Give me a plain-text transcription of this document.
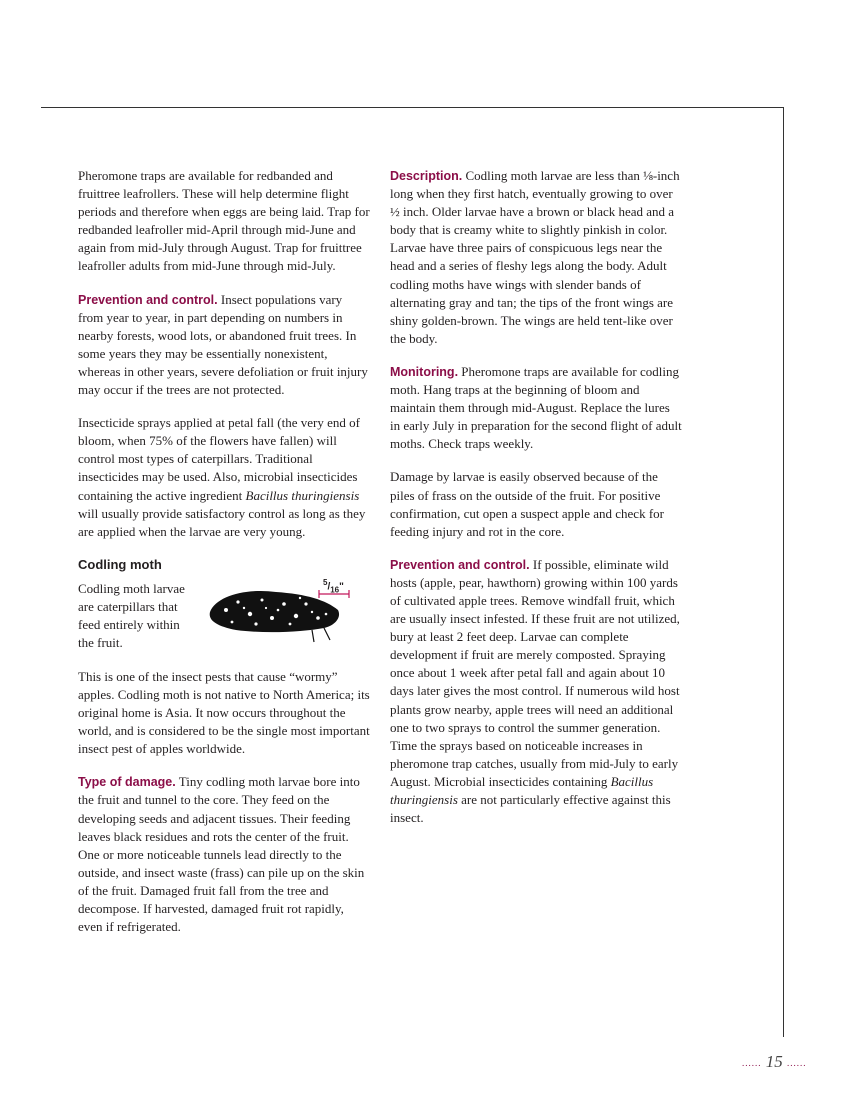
Pheromone traps are available for redbanded and fruittree leafrollers. These will help determine flight periods and therefore when eggs are being laid. Trap for redbanded leafroller mid-April through mid-June and again from mid-July through August. Trap for fruittree leafroller adults from mid-June through mid-July.

Prevention and control. Insect populations vary from year to year, in part depending on numbers in nearby forests, wood lots, or abandoned fruit trees. In some years they may be essentially nonexistent, whereas in other years, severe defoliation or fruit injury may occur if the trees are not protected.

Insecticide sprays applied at petal fall (the very end of bloom, when 75% of the flowers have fallen) will control most types of caterpillars. Traditional insecticides may be used. Also, microbial insecticides containing the active ingredient Bacillus thuringiensis will usually provide satisfactory control as long as they are applied when the larvae are very young.

Codling moth
Codling moth larvae are caterpillars that feed entirely within the fruit.
$^5/_{16}$"

This is one of the insect pests that cause “wormy” apples. Codling moth is not native to North America; its original home is Asia. It now occurs throughout the world, and is considered to be the single most important insect pest of apples worldwide.

Type of damage. Tiny codling moth larvae bore into the fruit and tunnel to the core. They feed on the developing seeds and adjacent tissues. Their feeding leaves black residues and rots the center of the fruit. One or more noticeable tunnels lead directly to the outside, and insect waste (frass) can pile up on the skin of the fruit. Damaged fruit fall from the tree and decompose. If harvested, damaged fruit rot rapidly, even if refrigerated.

Description. Codling moth larvae are less than ⅛-inch long when they first hatch, eventually growing to over ½ inch. Older larvae have a brown or black head and a body that is creamy white to slightly pinkish in color. Larvae have three pairs of conspicuous legs near the head and a series of fleshy legs along the body. Adult codling moths have wings with slender bands of alternating gray and tan; the tips of the front wings are shiny golden-brown. The wings are held tent-like over the body.

Monitoring. Pheromone traps are available for codling moth. Hang traps at the beginning of bloom and maintain them through mid-August. Replace the lures in early July in preparation for the second flight of adult moths. Check traps weekly.

Damage by larvae is easily observed because of the piles of frass on the outside of the fruit. For positive confirmation, cut open a suspect apple and check for feeding injury and rot in the core.

Prevention and control. If possible, eliminate wild hosts (apple, pear, hawthorn) growing within 100 yards of cultivated apple trees. Remove windfall fruit, which are usually insect infested. If these fruit are not utilized, bury at least 2 feet deep. Larvae can complete development if fruit are merely composted. Spraying once about 1 week after petal fall and again about 10 days later gives the most control. If numerous wild host plants grow nearby, apple trees will need an additional one to two sprays to control the summer generation. Time the sprays based on noticeable increases in pheromone trap catches, usually from mid-July to early August. Microbial insecticides containing Bacillus thuringiensis are not particularly effective against this insect.

...... 15 ......
